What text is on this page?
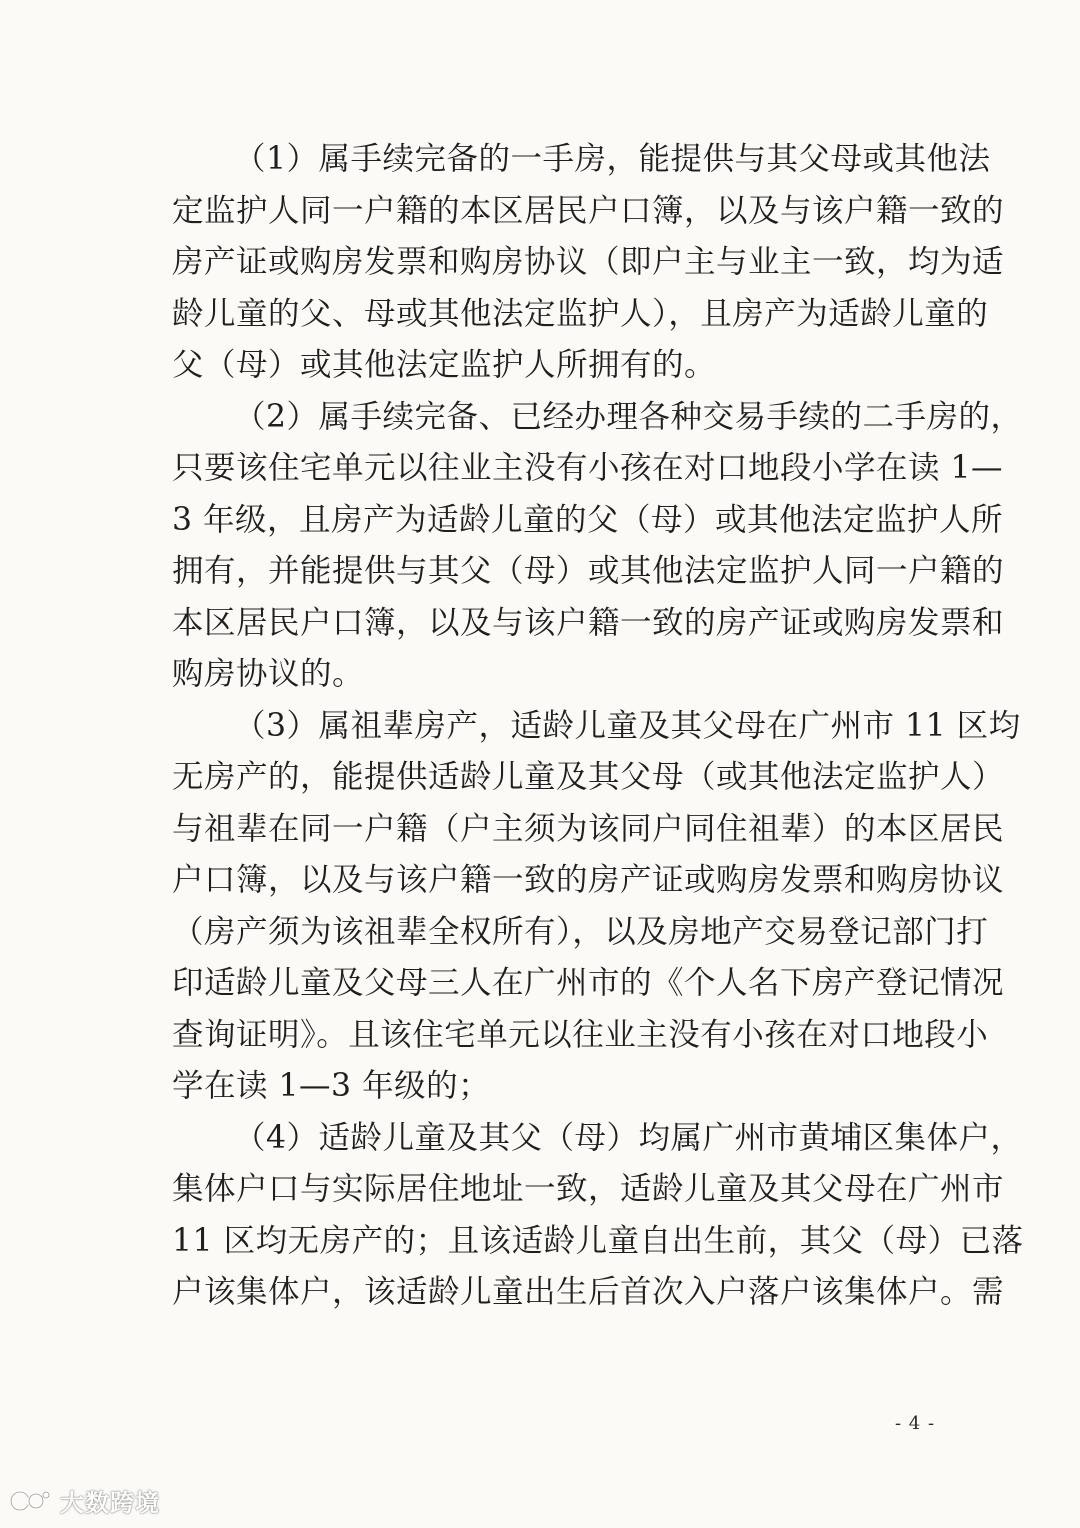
（1）属手续完备的一手房，能提供与其父母或其他法
定监护人同一户籍的本区居民户口簿，以及与该户籍一致的
房产证或购房发票和购房协议（即户主与业主一致，均为适
龄儿童的父、母或其他法定监护人），且房产为适龄儿童的
父（母）或其他法定监护人所拥有的。

（2）属手续完备、已经办理各种交易手续的二手房的，
只要该住宅单元以往业主没有小孩在对口地段小学在读 1—
3 年级，且房产为适龄儿童的父（母）或其他法定监护人所
拥有，并能提供与其父（母）或其他法定监护人同一户籍的
本区居民户口簿，以及与该户籍一致的房产证或购房发票和
购房协议的。

（3）属祖辈房产，适龄儿童及其父母在广州市 11 区均
无房产的，能提供适龄儿童及其父母（或其他法定监护人）
与祖辈在同一户籍（户主须为该同户同住祖辈）的本区居民
户口簿，以及与该户籍一致的房产证或购房发票和购房协议
（房产须为该祖辈全权所有），以及房地产交易登记部门打
印适龄儿童及父母三人在广州市的《个人名下房产登记情况
查询证明》。且该住宅单元以往业主没有小孩在对口地段小
学在读 1—3 年级的；

（4）适龄儿童及其父（母）均属广州市黄埔区集体户，
集体户口与实际居住地址一致，适龄儿童及其父母在广州市
11 区均无房产的；且该适龄儿童自出生前，其父（母）已落
户该集体户，该适龄儿童出生后首次入户落户该集体户。需

- 4 -
大数跨境
